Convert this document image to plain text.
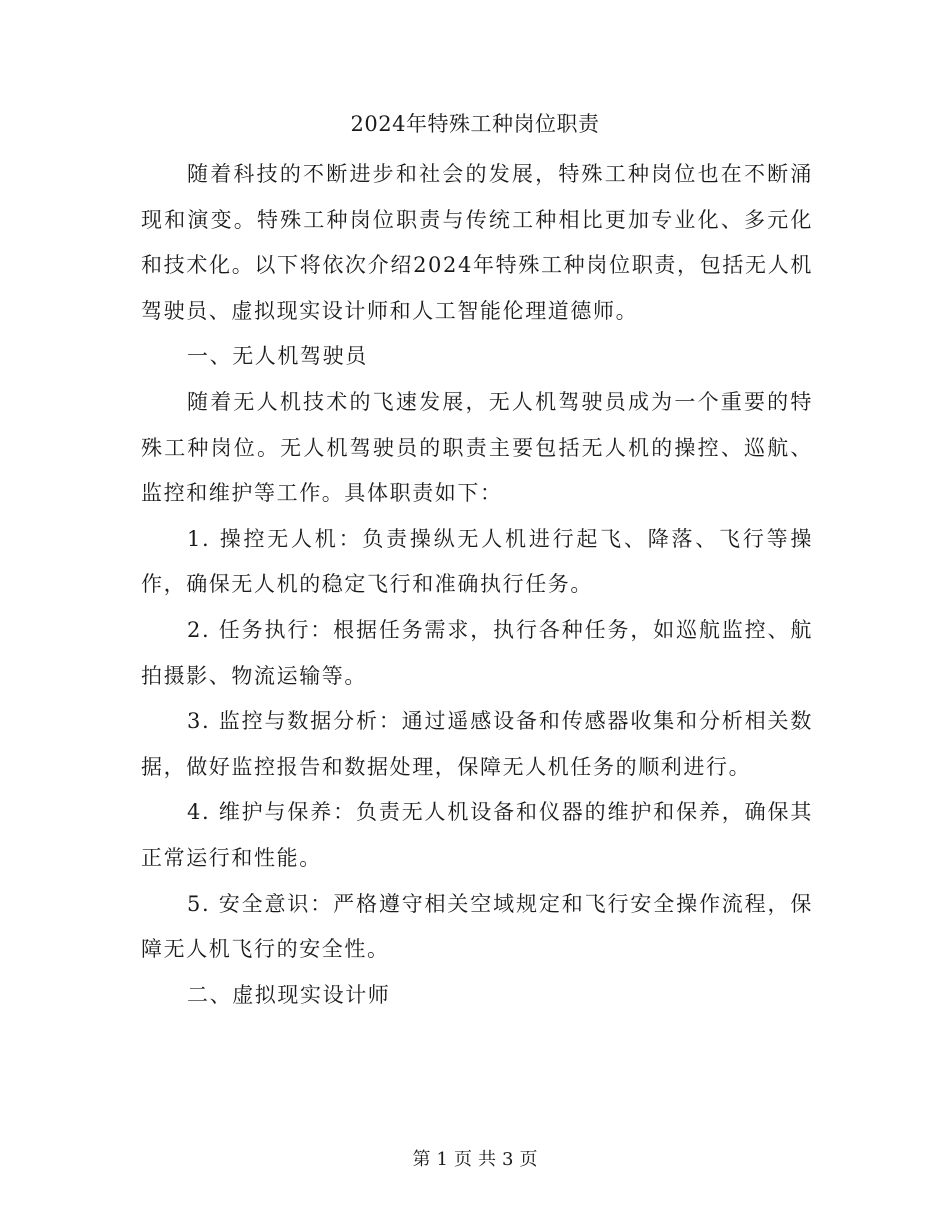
2024年特殊工种岗位职责

随着科技的不断进步和社会的发展，特殊工种岗位也在不断涌现和演变。特殊工种岗位职责与传统工种相比更加专业化、多元化和技术化。以下将依次介绍2024年特殊工种岗位职责，包括无人机驾驶员、虚拟现实设计师和人工智能伦理道德师。

一、无人机驾驶员

随着无人机技术的飞速发展，无人机驾驶员成为一个重要的特殊工种岗位。无人机驾驶员的职责主要包括无人机的操控、巡航、监控和维护等工作。具体职责如下：

1. 操控无人机：负责操纵无人机进行起飞、降落、飞行等操作，确保无人机的稳定飞行和准确执行任务。

2. 任务执行：根据任务需求，执行各种任务，如巡航监控、航拍摄影、物流运输等。

3. 监控与数据分析：通过遥感设备和传感器收集和分析相关数据，做好监控报告和数据处理，保障无人机任务的顺利进行。

4. 维护与保养：负责无人机设备和仪器的维护和保养，确保其正常运行和性能。

5. 安全意识：严格遵守相关空域规定和飞行安全操作流程，保障无人机飞行的安全性。

二、虚拟现实设计师

第 1 页 共 3 页
